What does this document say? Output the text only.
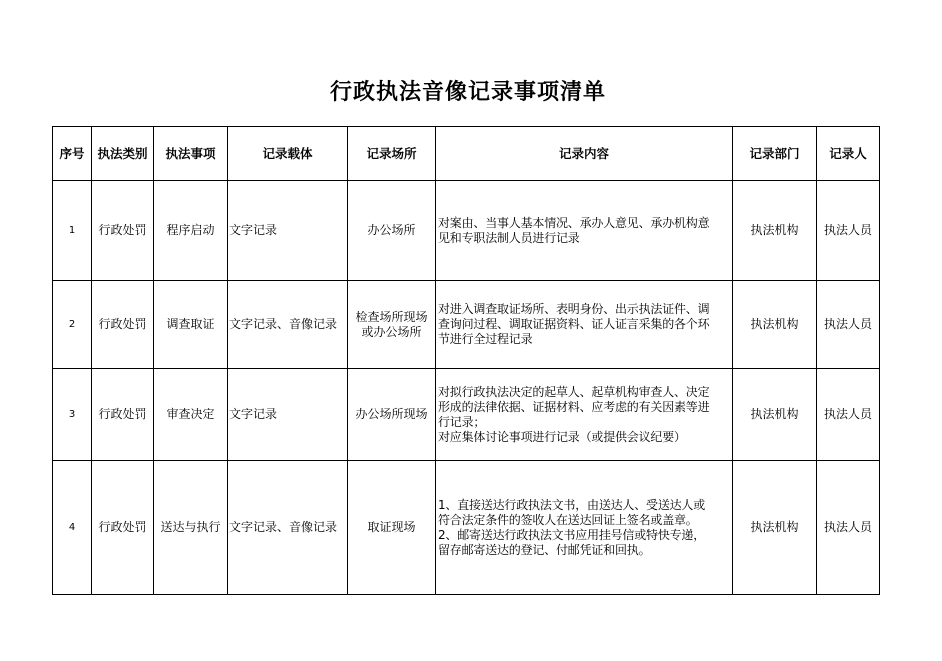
行政执法音像记录事项清单
序号	执法类别	执法事项	记录载体	记录场所	记录内容	记录部门	记录人
1	行政处罚	程序启动	文字记录	办公场所	对案由、当事人基本情况、承办人意见、承办机构意
见和专职法制人员进行记录	执法机构	执法人员
2	行政处罚	调查取证	文字记录、音像记录	检查场所现场
或办公场所	对进入调查取证场所、表明身份、出示执法证件、调
查询问过程、调取证据资料、证人证言采集的各个环
节进行全过程记录	执法机构	执法人员
3	行政处罚	审查决定	文字记录	办公场所现场	对拟行政执法决定的起草人、起草机构审查人、决定
形成的法律依据、证据材料、应考虑的有关因素等进
行记录；
对应集体讨论事项进行记录（或提供会议纪要）	执法机构	执法人员
4	行政处罚	送达与执行	文字记录、音像记录	取证现场	1、直接送达行政执法文书，由送达人、受送达人或
符合法定条件的签收人在送达回证上签名或盖章。
2、邮寄送达行政执法文书应用挂号信或特快专递，
留存邮寄送达的登记、付邮凭证和回执。	执法机构	执法人员
